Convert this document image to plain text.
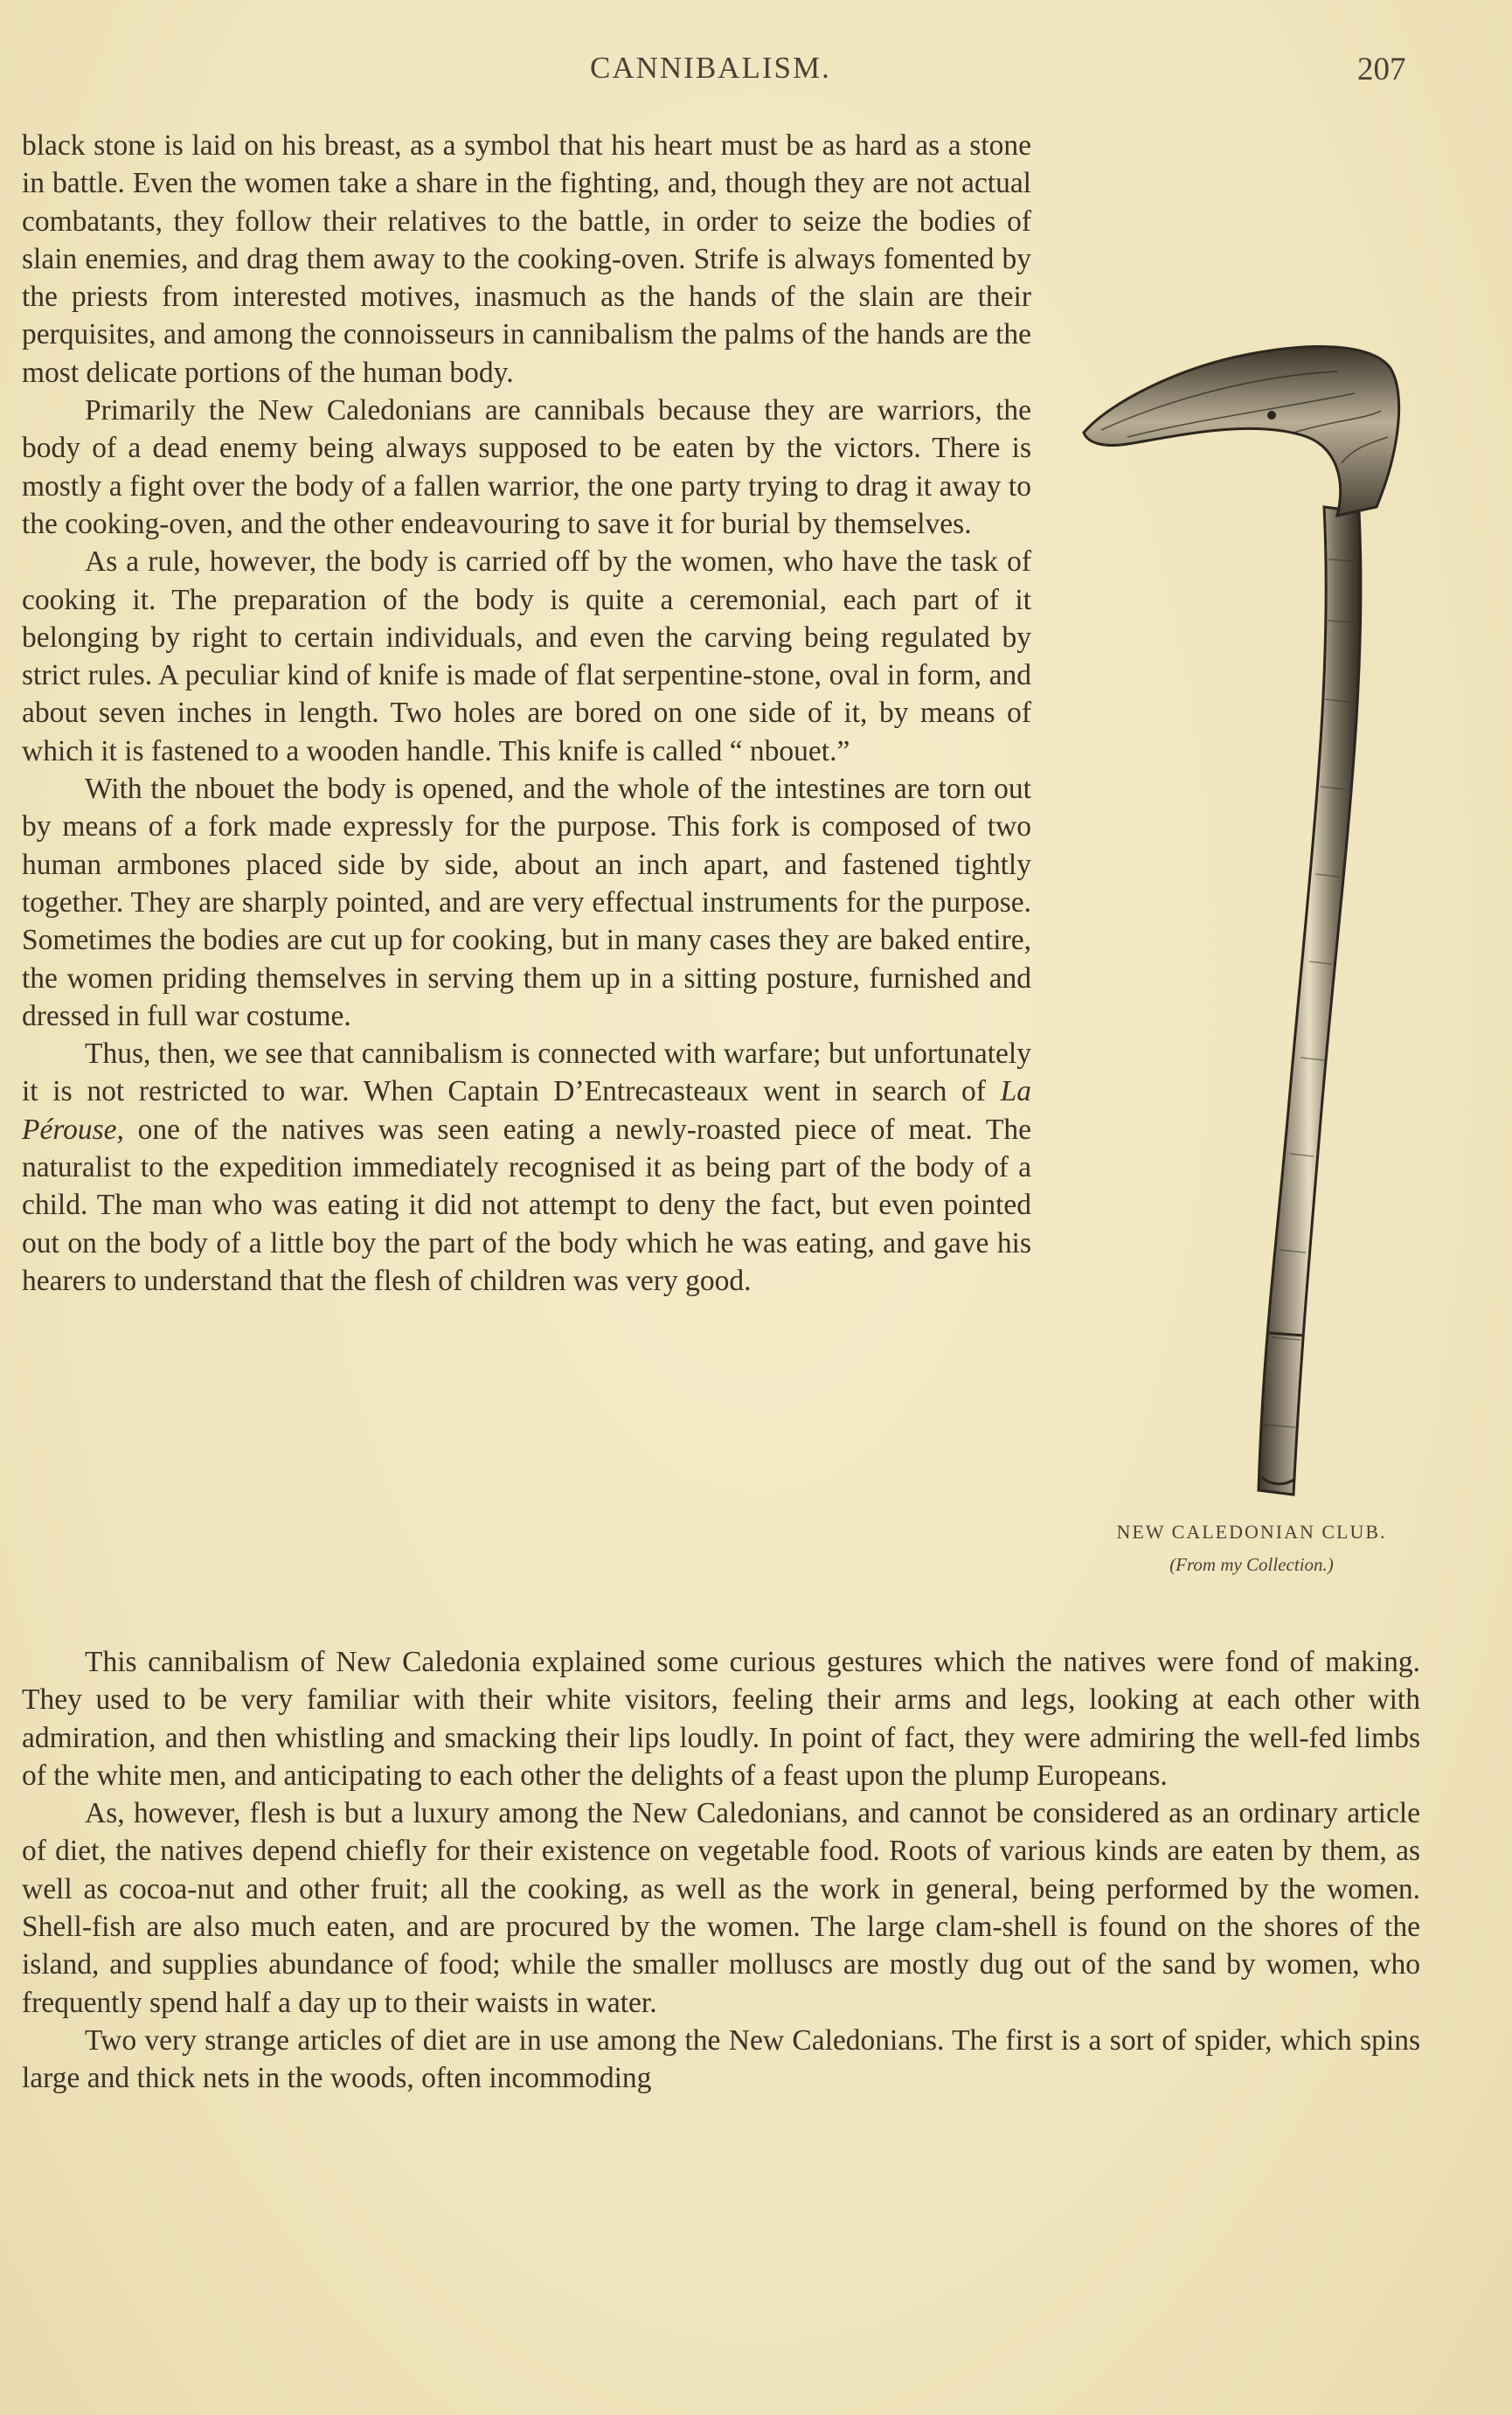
CANNIBALISM.	207

black stone is laid on his breast, as a symbol that his heart must be as hard as a stone in battle. Even the women take a share in the fighting, and, though they are not actual combatants, they follow their relatives to the battle, in order to seize the bodies of slain enemies, and drag them away to the cooking-oven. Strife is always fomented by the priests from interested motives, inasmuch as the hands of the slain are their perquisites, and among the connoisseurs in cannibalism the palms of the hands are the most delicate portions of the human body.

Primarily the New Caledonians are cannibals because they are warriors, the body of a dead enemy being always supposed to be eaten by the victors. There is mostly a fight over the body of a fallen warrior, the one party trying to drag it away to the cooking-oven, and the other endeavouring to save it for burial by themselves.

As a rule, however, the body is carried off by the women, who have the task of cooking it. The preparation of the body is quite a ceremonial, each part of it belonging by right to certain individuals, and even the carving being regulated by strict rules. A peculiar kind of knife is made of flat serpentine-stone, oval in form, and about seven inches in length. Two holes are bored on one side of it, by means of which it is fastened to a wooden handle. This knife is called “ nbouet.”

With the nbouet the body is opened, and the whole of the intestines are torn out by means of a fork made expressly for the purpose. This fork is composed of two human armbones placed side by side, about an inch apart, and fastened tightly together. They are sharply pointed, and are very effectual instruments for the purpose. Sometimes the bodies are cut up for cooking, but in many cases they are baked entire, the women priding themselves in serving them up in a sitting posture, furnished and dressed in full war costume.

Thus, then, we see that cannibalism is connected with warfare; but unfortunately it is not restricted to war. When Captain D’Entrecasteaux went in search of La Pérouse, one of the natives was seen eating a newly-roasted piece of meat. The naturalist to the expedition immediately recognised it as being part of the body of a child. The man who was eating it did not attempt to deny the fact, but even pointed out on the body of a little boy the part of the body which he was eating, and gave his hearers to understand that the flesh of children was very good.

NEW CALEDONIAN CLUB.
(From my Collection.)

This cannibalism of New Caledonia explained some curious gestures which the natives were fond of making. They used to be very familiar with their white visitors, feeling their arms and legs, looking at each other with admiration, and then whistling and smacking their lips loudly. In point of fact, they were admiring the well-fed limbs of the white men, and anticipating to each other the delights of a feast upon the plump Europeans.

As, however, flesh is but a luxury among the New Caledonians, and cannot be considered as an ordinary article of diet, the natives depend chiefly for their existence on vegetable food. Roots of various kinds are eaten by them, as well as cocoa-nut and other fruit; all the cooking, as well as the work in general, being performed by the women. Shell-fish are also much eaten, and are procured by the women. The large clam-shell is found on the shores of the island, and supplies abundance of food; while the smaller molluscs are mostly dug out of the sand by women, who frequently spend half a day up to their waists in water.

Two very strange articles of diet are in use among the New Caledonians. The first is a sort of spider, which spins large and thick nets in the woods, often incommoding
